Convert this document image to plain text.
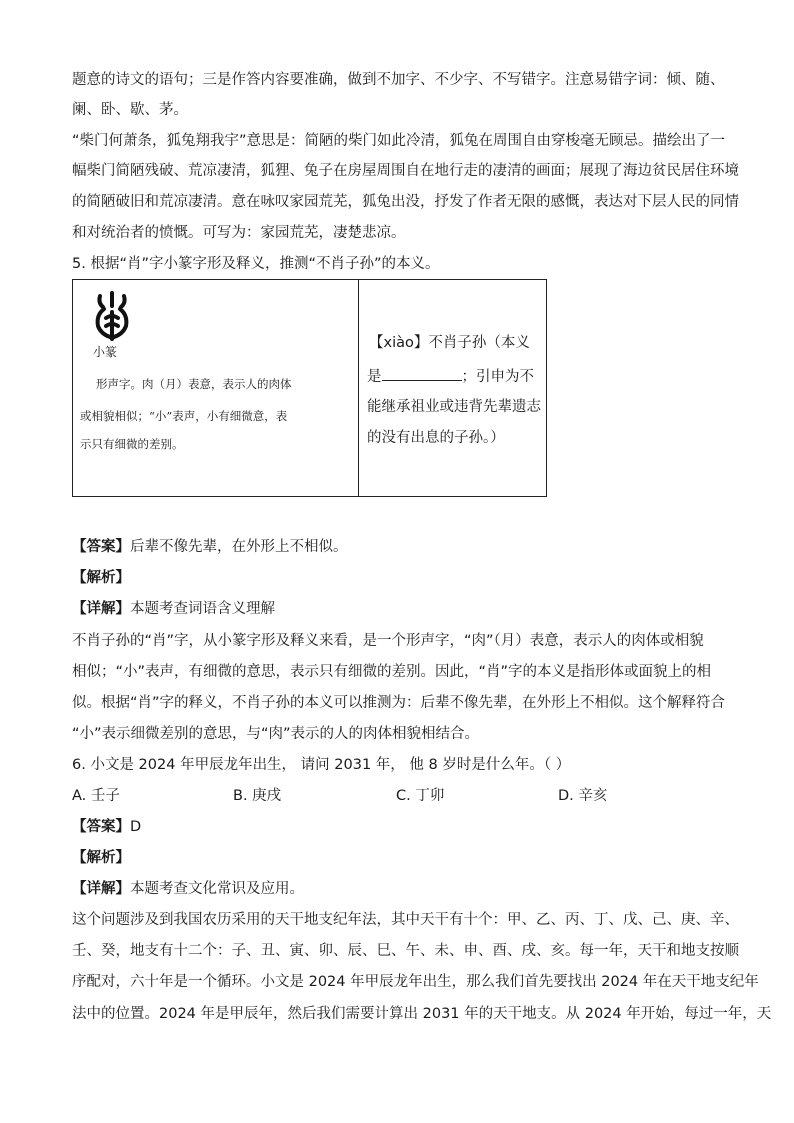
题意的诗文的语句；三是作答内容要准确，做到不加字、不少字、不写错字。注意易错字词：倾、随、
阑、卧、歇、茅。
“柴门何萧条，狐兔翔我宇”意思是：简陋的柴门如此冷清，狐兔在周围自由穿梭毫无顾忌。描绘出了一
幅柴门简陋残破、荒凉凄清，狐狸、兔子在房屋周围自在地行走的凄清的画面；展现了海边贫民居住环境
的简陋破旧和荒凉凄清。意在咏叹家园荒芜，狐兔出没，抒发了作者无限的感慨，表达对下层人民的同情
和对统治者的愤慨。可写为：家园荒芜，凄楚悲凉。
5. 根据“肖”字小篆字形及释义，推测“不肖子孙”的本义。
小篆
形声字。肉（月）表意，表示人的肉体
或相貌相似；“小”表声，小有细微意，表
示只有细微的差别。
【xiào】不肖子孙（本义
是	；引申为不
能继承祖业或违背先辈遗志
的没有出息的子孙。）
【答案】后辈不像先辈，在外形上不相似。
【解析】
【详解】本题考查词语含义理解
不肖子孙的“肖”字，从小篆字形及释义来看，是一个形声字，“肉”（月）表意，表示人的肉体或相貌
相似；“小”表声，有细微的意思，表示只有细微的差别。因此，“肖”字的本义是指形体或面貌上的相
似。根据“肖”字的释义，不肖子孙的本义可以推测为：后辈不像先辈，在外形上不相似。这个解释符合
“小”表示细微差别的意思，与“肉”表示的人的肉体相貌相结合。
6. 小文是 2024 年甲辰龙年出生， 请问 2031 年， 他 8 岁时是什么年。（ ）
A. 壬子	B. 庚戌	C. 丁卯	D. 辛亥
【答案】D
【解析】
【详解】本题考查文化常识及应用。
这个问题涉及到我国农历采用的天干地支纪年法，其中天干有十个：甲、乙、丙、丁、戊、己、庚、辛、
壬、癸，地支有十二个：子、丑、寅、卯、辰、巳、午、未、申、酉、戌、亥。每一年，天干和地支按顺
序配对，六十年是一个循环。小文是 2024 年甲辰龙年出生，那么我们首先要找出 2024 年在天干地支纪年
法中的位置。2024 年是甲辰年，然后我们需要计算出 2031 年的天干地支。从 2024 年开始，每过一年，天
